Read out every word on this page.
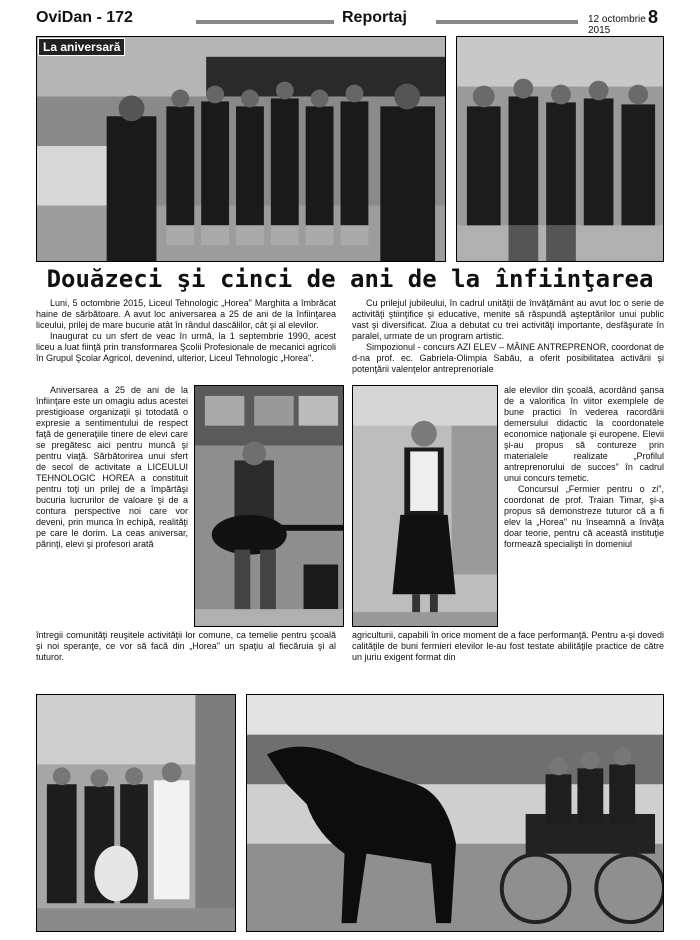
OviDan - 172	Reportaj	12 octombrie 2015
8
La aniversară
Douăzeci şi cinci de ani de la înfiinţarea

Luni, 5 octombrie 2015, Liceul Tehnologic „Horea" Marghita a îmbrăcat haine de sărbătoare. A avut loc aniversarea a 25 de ani de la înfiinţarea liceului, prilej de mare bucurie atât în rândul dascălilor, cât şi al elevilor.

Inaugurat cu un sfert de veac în urmă, la 1 septembrie 1990, acest liceu a luat fiinţă prin transformarea Şcolii Profesionale de mecanici agricoli în Grupul Şcolar Agricol, devenind, ulterior, Liceul Tehnologic „Horea".

Aniversarea a 25 de ani de la înfiinţare este un omagiu adus acestei prestigioase organizaţii şi totodată o expresie a sentimentului de respect faţă de generaţiile tinere de elevi care se pregătesc aici pentru muncă şi pentru viaţă. Sărbătorirea unui sfert de secol de activitate a LICEULUI TEHNOLOGIC HOREA a constituit pentru toţi un prilej de a împărtăşi bucuria lucrurilor de valoare şi de a contura perspective noi care vor deveni, prin munca în echipă, realităţi pe care le dorim. La ceas aniversar, părinţi, elevi şi profesori arată

întregii comunităţi reuşitele activităţii lor comune, ca temelie pentru şcoală şi noi speranţe, ce vor să facă din „Horea" un spaţiu al fiecăruia şi al tuturor.

Cu prilejul jubileului, în cadrul unităţii de învăţământ au avut loc o serie de activităţi ştiinţifice şi educative, menite să răspundă aşteptărilor unui public vast şi diversificat. Ziua a debutat cu trei activităţi importante, desfăşurate în paralel, urmate de un program artistic.

Simpozionul - concurs AZI ELEV – MÂINE ANTREPRENOR, coordonat de d-na prof. ec. Gabriela-Olimpia Sabău, a oferit posibilitatea activării şi potenţării valenţelor antreprenoriale

ale elevilor din şcoală, acordând şansa de a valorifica în viitor exemplele de bune practici în vederea racordării demersului didactic la coordonatele economice naţionale şi europene. Elevii şi-au propus să contureze prin materialele realizate „Profilul antreprenorului de succes" în cadrul unui concurs temetic.

Concursul „Fermier pentru o zi", coordonat de prof. Traian Timar, şi-a propus să demonstreze tuturor că a fi elev la „Horea" nu înseamnă a învăţa doar teorie, pentru că această instituţie formează specialişti în domeniul

agriculturii, capabili în orice moment de a face performanţă. Pentru a-şi dovedi calităţile de buni fermieri elevilor le-au fost testate abilităţile practice de către un juriu exigent format din
